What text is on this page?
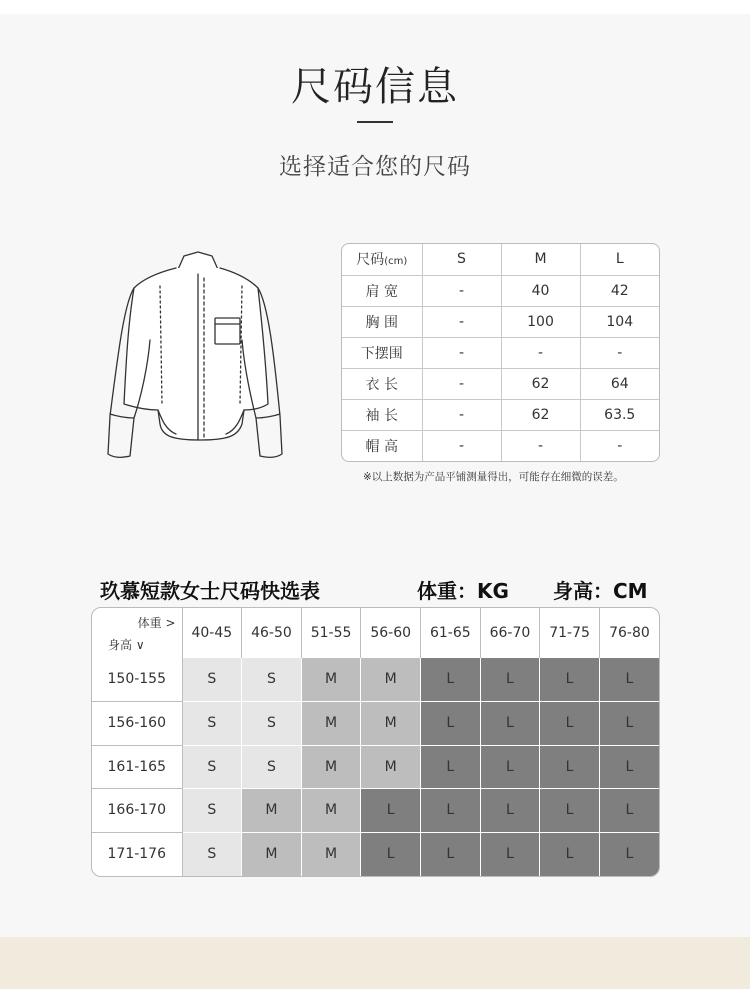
尺码信息
选择适合您的尺码
尺码(cm)	S	M	L
肩 宽	-	40	42
胸 围	-	100	104
下摆围	-	-	-
衣 长	-	62	64
袖 长	-	62	63.5
帽 高	-	-	-
※以上数据为产品平铺测量得出，可能存在细微的误差。
玖慕短款女士尺码快选表	体重：KG 身高：CM
体重 >
身高 ∨	40-45	46-50	51-55	56-60	61-65	66-70	71-75	76-80
150-155	S	S	M	M	L	L	L	L
156-160	S	S	M	M	L	L	L	L
161-165	S	S	M	M	L	L	L	L
166-170	S	M	M	L	L	L	L	L
171-176	S	M	M	L	L	L	L	L
